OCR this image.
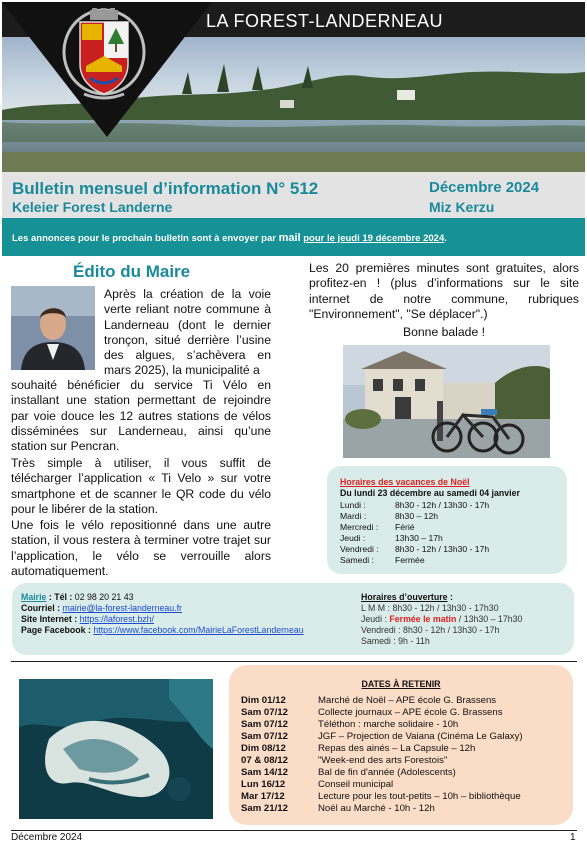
LA FOREST-LANDERNEAU
Bulletin mensuel d’information N° 512
Keleier Forest Landerne
Décembre 2024
Miz Kerzu
Les annonces pour le prochain bulletin sont à envoyer par mail pour le jeudi 19 décembre 2024.
Édito du Maire
Après la création de la voie verte reliant notre commune à Landerneau (dont le dernier tronçon, situé derrière l’usine des algues, s’achèvera en mars 2025), la municipalité a
souhaité bénéficier du service Ti Vélo en installant une station permettant de rejoindre par voie douce les 12 autres stations de vélos disséminées sur Landerneau, ainsi qu’une station sur Pencran.
Très simple à utiliser, il vous suffit de télécharger l’application « Ti Velo » sur votre smartphone et de scanner le QR code du vélo pour le libérer de la station.
Une fois le vélo repositionné dans une autre station, il vous restera à terminer votre trajet sur l’application, le vélo se verrouille alors automatiquement.
Les 20 premières minutes sont gratuites, alors profitez-en ! (plus d’informations sur le site internet de notre commune, rubriques "Environnement", "Se déplacer".)
Bonne balade !
Horaires des vacances de Noël
Du lundi 23 décembre au samedi 04 janvier
Lundi :	8h30 - 12h / 13h30 - 17h
Mardi :	8h30 – 12h
Mercredi : Férié
Jeudi :	13h30 – 17h
Vendredi : 8h30 - 12h / 13h30 - 17h
Samedi : Fermée
Mairie : Tél : 02 98 20 21 43
Courriel : mairie@la-forest-landerneau.fr
Site Internet : https://laforest.bzh/
Page Facebook : https://www.facebook.com/MairieLaForestLanderneau
Horaires d’ouverture :
L M M : 8h30 - 12h / 13h30 - 17h30
Jeudi : Fermée le matin / 13h30 – 17h30
Vendredi : 8h30 - 12h / 13h30 - 17h
Samedi : 9h - 11h
DATES À RETENIR
Dim 01/12	Marché de Noël – APE école G. Brassens
Sam 07/12	Collecte journaux – APE école G. Brassens
Sam 07/12	Téléthon : marche solidaire - 10h
Sam 07/12	JGF – Projection de Vaiana (Cinéma Le Galaxy)
Dim 08/12	Repas des ainés – La Capsule – 12h
07 & 08/12	"Week-end des arts Forestois"
Sam 14/12	Bal de fin d'année (Adolescents)
Lun 16/12	Conseil municipal
Mar 17/12	Lecture pour les tout-petits – 10h – bibliothèque
Sam 21/12	Noël au Marché - 10h - 12h
Décembre 2024	1
